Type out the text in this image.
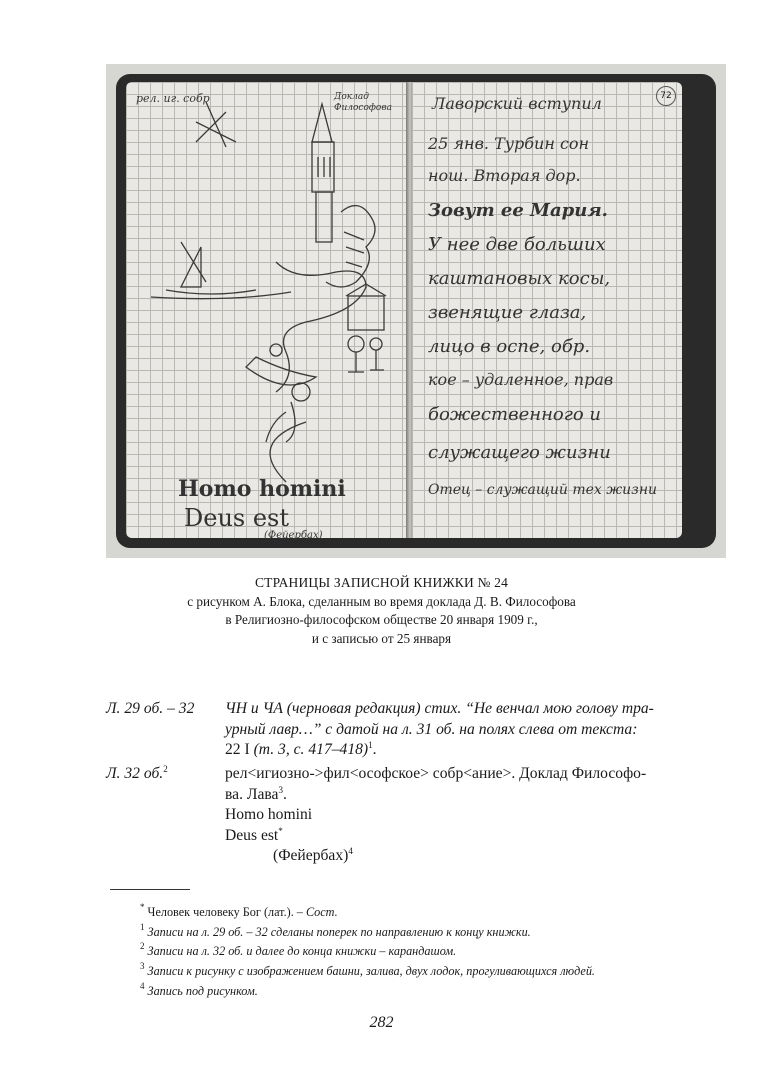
рел. иг. собр	Доклад Философова
Homo homini
Deus est
(Фейербах)
72
Лаворский вступил
25 янв. Турбин сон
нош. Вторая дор.
Зовут ее Мария.
У нее две больших
каштановых косы,
звенящие глаза,
лицо в оспе, обр.
кое – удаленное, прав
божественного и
служащего жизни
Отец – служащий тех жизни
СТРАНИЦЫ ЗАПИСНОЙ КНИЖКИ № 24
с рисунком А. Блока, сделанным во время доклада Д. В. Философова
в Религиозно-философском обществе 20 января 1909 г.,
и с записью от 25 января
Л. 29 об. – 32 ЧН и ЧА (черновая редакция) стих. “Не венчал мою голову тра-
урный лавр…” с датой на л. 31 об. на полях слева от текста:
22 I (т. 3, с. 417–418)$^1$.
Л. 32 об.$^2$	рел<игиозно->фил<ософское> собр<ание>. Доклад Философо-
ва. Лава$^3$.
Homo homini
Deus est*
(Фейербах)$^4$
* Человек человеку Бог (лат.). – Сост.
$^1$ Записи на л. 29 об. – 32 сделаны поперек по направлению к концу книжки.
$^2$ Записи на л. 32 об. и далее до конца книжки – карандашом.
$^3$ Записи к рисунку с изображением башни, залива, двух лодок, прогуливающихся людей.
$^4$ Запись под рисунком.
282
